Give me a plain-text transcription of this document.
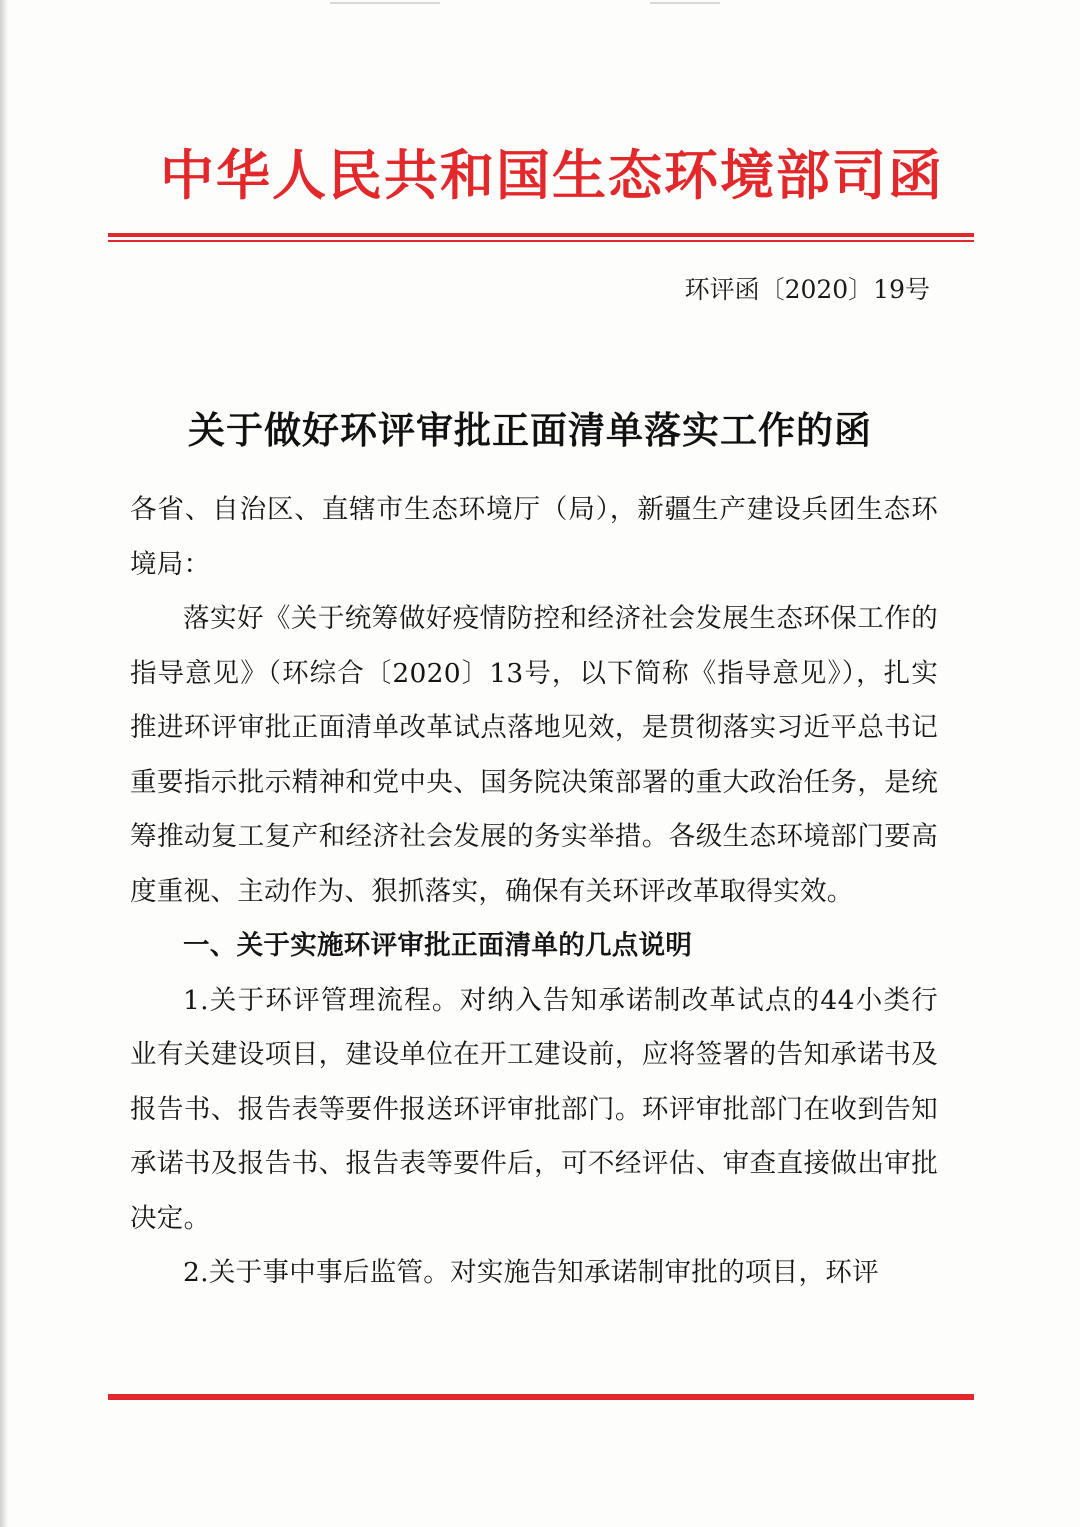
中华人民共和国生态环境部司函
环评函〔2020〕19号
关于做好环评审批正面清单落实工作的函

各省、自治区、直辖市生态环境厅（局），新疆生产建设兵团生态环境局：

落实好《关于统筹做好疫情防控和经济社会发展生态环保工作的指导意见》（环综合〔2020〕13号，以下简称《指导意见》），扎实推进环评审批正面清单改革试点落地见效，是贯彻落实习近平总书记重要指示批示精神和党中央、国务院决策部署的重大政治任务，是统筹推动复工复产和经济社会发展的务实举措。各级生态环境部门要高度重视、主动作为、狠抓落实，确保有关环评改革取得实效。

一、关于实施环评审批正面清单的几点说明

1.关于环评管理流程。对纳入告知承诺制改革试点的44小类行业有关建设项目，建设单位在开工建设前，应将签署的告知承诺书及报告书、报告表等要件报送环评审批部门。环评审批部门在收到告知承诺书及报告书、报告表等要件后，可不经评估、审查直接做出审批决定。

2.关于事中事后监管。对实施告知承诺制审批的项目，环评
